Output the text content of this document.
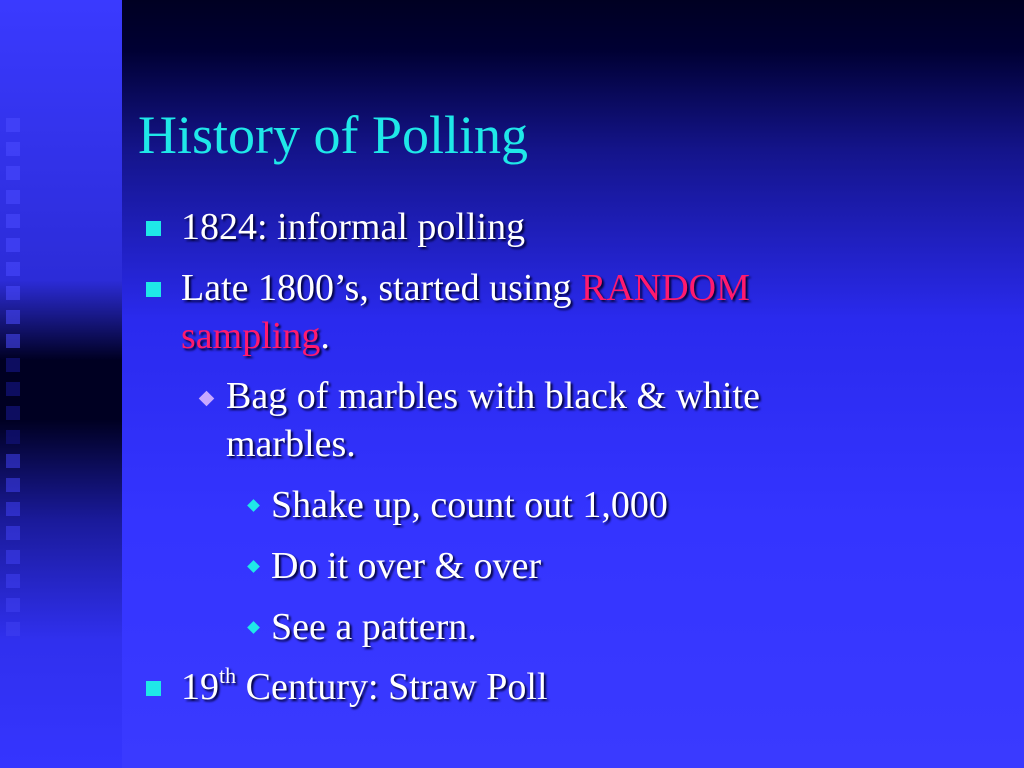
History of Polling
1824: informal polling
Late 1800’s, started using RANDOM
sampling.
Bag of marbles with black & white
marbles.
Shake up, count out 1,000
Do it over & over
See a pattern.
19th Century: Straw Poll
